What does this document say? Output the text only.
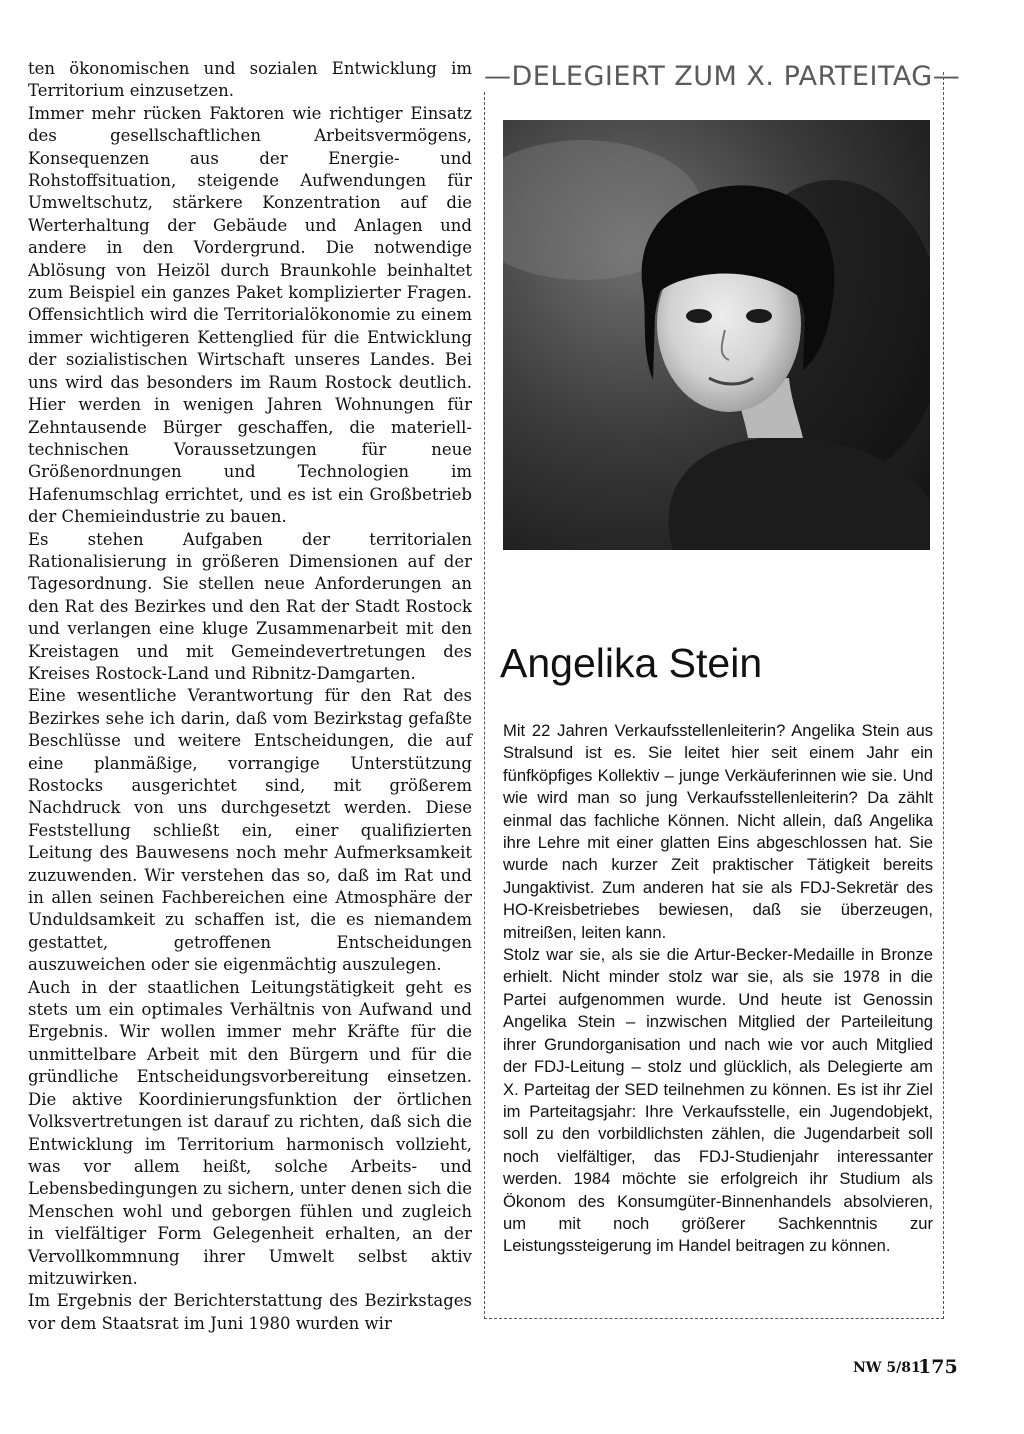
ten ökonomischen und sozialen Entwicklung im Territorium einzusetzen.

Immer mehr rücken Faktoren wie richtiger Einsatz des gesellschaftlichen Arbeitsvermögens, Konsequenzen aus der Energie- und Rohstoffsituation, steigende Aufwendungen für Umweltschutz, stärkere Konzentration auf die Werterhaltung der Gebäude und Anlagen und andere in den Vordergrund. Die notwendige Ablösung von Heizöl durch Braunkohle beinhaltet zum Beispiel ein ganzes Paket komplizierter Fragen. Offensichtlich wird die Territorialökonomie zu einem immer wichtigeren Kettenglied für die Entwicklung der sozialistischen Wirtschaft unseres Landes. Bei uns wird das besonders im Raum Rostock deutlich. Hier werden in wenigen Jahren Wohnungen für Zehntausende Bürger geschaffen, die materiell-technischen Voraussetzungen für neue Größenordnungen und Technologien im Hafenumschlag errichtet, und es ist ein Großbetrieb der Chemieindustrie zu bauen.

Es stehen Aufgaben der territorialen Rationalisierung in größeren Dimensionen auf der Tagesordnung. Sie stellen neue Anforderungen an den Rat des Bezirkes und den Rat der Stadt Rostock und verlangen eine kluge Zusammenarbeit mit den Kreistagen und mit Gemeindevertretungen des Kreises Rostock-Land und Ribnitz-Damgarten.

Eine wesentliche Verantwortung für den Rat des Bezirkes sehe ich darin, daß vom Bezirkstag gefaßte Beschlüsse und weitere Entscheidungen, die auf eine planmäßige, vorrangige Unterstützung Rostocks ausgerichtet sind, mit größerem Nachdruck von uns durchgesetzt werden. Diese Feststellung schließt ein, einer qualifizierten Leitung des Bauwesens noch mehr Aufmerksamkeit zuzuwenden. Wir verstehen das so, daß im Rat und in allen seinen Fachbereichen eine Atmosphäre der Unduldsamkeit zu schaffen ist, die es niemandem gestattet, getroffenen Entscheidungen auszuweichen oder sie eigenmächtig auszulegen.

Auch in der staatlichen Leitungstätigkeit geht es stets um ein optimales Verhältnis von Aufwand und Ergebnis. Wir wollen immer mehr Kräfte für die unmittelbare Arbeit mit den Bürgern und für die gründliche Entscheidungsvorbereitung einsetzen. Die aktive Koordinierungsfunktion der örtlichen Volksvertretungen ist darauf zu richten, daß sich die Entwicklung im Territorium harmonisch vollzieht, was vor allem heißt, solche Arbeits- und Lebensbedingungen zu sichern, unter denen sich die Menschen wohl und geborgen fühlen und zugleich in vielfältiger Form Gelegenheit erhalten, an der Vervollkommnung ihrer Umwelt selbst aktiv mitzuwirken.

Im Ergebnis der Berichterstattung des Bezirkstages vor dem Staatsrat im Juni 1980 wurden wir

—DELEGIERT ZUM X. PARTEITAG—
Angelika Stein

Mit 22 Jahren Verkaufsstellenleiterin? Angelika Stein aus Stralsund ist es. Sie leitet hier seit einem Jahr ein fünfköpfiges Kollektiv – junge Verkäuferinnen wie sie. Und wie wird man so jung Verkaufsstellenleiterin? Da zählt einmal das fachliche Können. Nicht allein, daß Angelika ihre Lehre mit einer glatten Eins abgeschlossen hat. Sie wurde nach kurzer Zeit praktischer Tätigkeit bereits Jungaktivist. Zum anderen hat sie als FDJ-Sekretär des HO-Kreisbetriebes bewiesen, daß sie überzeugen, mitreißen, leiten kann.

Stolz war sie, als sie die Artur-Becker-Medaille in Bronze erhielt. Nicht minder stolz war sie, als sie 1978 in die Partei aufgenommen wurde. Und heute ist Genossin Angelika Stein – inzwischen Mitglied der Parteileitung ihrer Grundorganisation und nach wie vor auch Mitglied der FDJ-Leitung – stolz und glücklich, als Delegierte am X. Parteitag der SED teilnehmen zu können. Es ist ihr Ziel im Parteitagsjahr: Ihre Verkaufsstelle, ein Jugendobjekt, soll zu den vorbildlichsten zählen, die Jugendarbeit soll noch vielfältiger, das FDJ-Studienjahr interessanter werden. 1984 möchte sie erfolgreich ihr Studium als Ökonom des Konsumgüter-Binnenhandels absolvieren, um mit noch größerer Sachkenntnis zur Leistungssteigerung im Handel beitragen zu können.

NW 5/81
175
